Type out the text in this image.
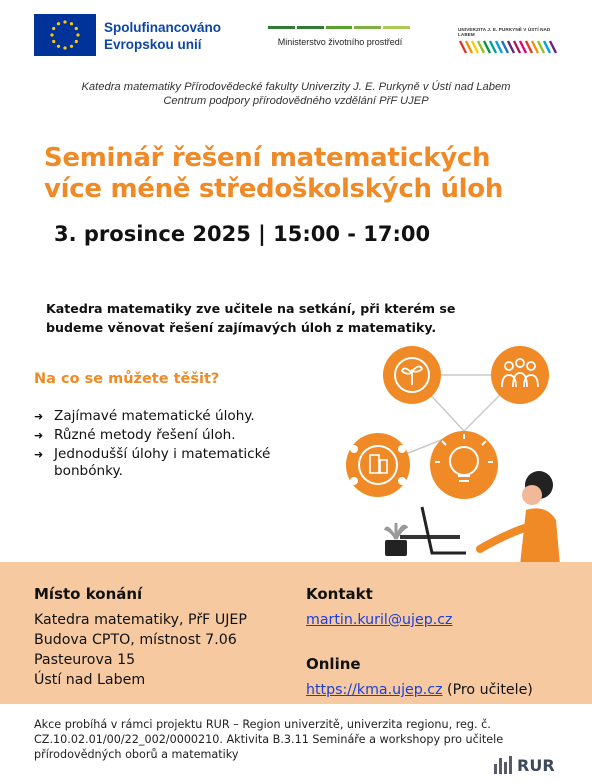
Spolufinancováno
Evropskou unií	Ministerstvo životního prostředí
UNIVERZITA J. E. PURKYNĚ V ÚSTÍ NAD LABEM
Katedra matematiky Přírodovědecké fakulty Univerzity J. E. Purkyně v Ústí nad Labem
Centrum podpory přírodovědného vzdělání PřF UJEP
Seminář řešení matematických
více méně středoškolských úloh
3. prosince 2025 | 15:00 - 17:00
Katedra matematiky zve učitele na setkání, při kterém se
budeme věnovat řešení zajímavých úloh z matematiky.
Na co se můžete těšit?
➜ Zajímavé matematické úlohy.
➜ Různé metody řešení úloh.
➜ Jednodušší úlohy i matematické bonbónky.
Místo konání
Katedra matematiky, PřF UJEP
Budova CPTO, místnost 7.06
Pasteurova 15
Ústí nad Labem
Kontakt
martin.kuril@ujep.cz
Online
https://kma.ujep.cz (Pro učitele)
Akce probíhá v rámci projektu RUR – Region univerzitě, univerzita regionu, reg. č. CZ.10.02.01/00/22_002/0000210. Aktivita B.3.11 Semináře a workshopy pro učitele přírodovědných oborů a matematiky
RUR
